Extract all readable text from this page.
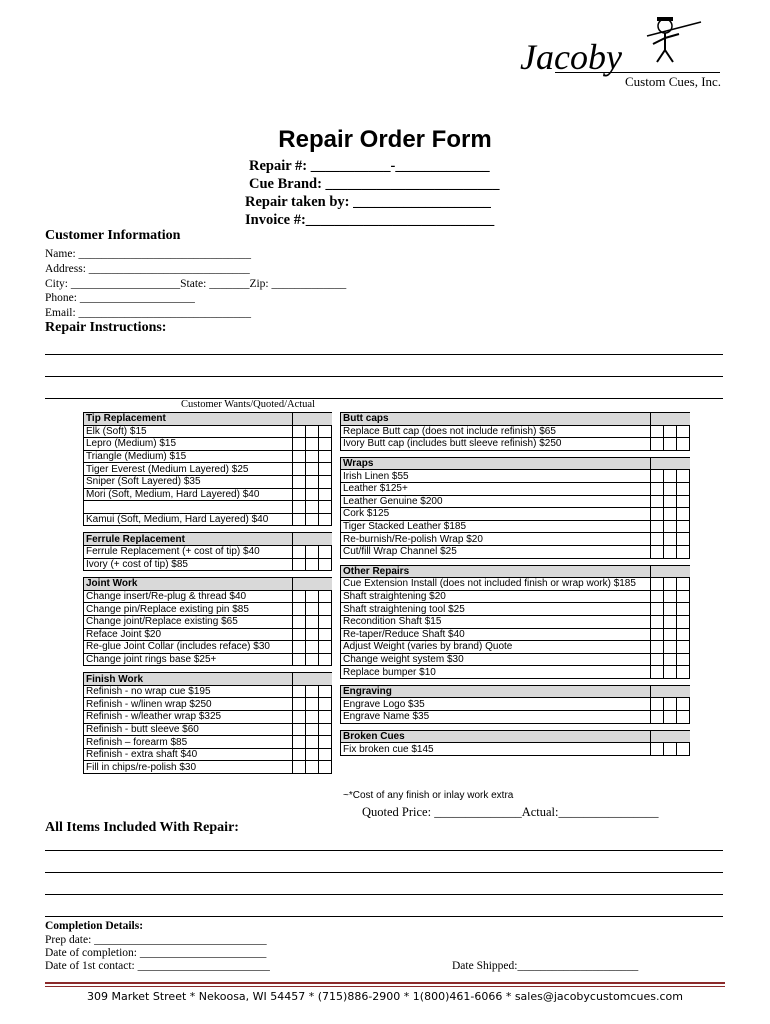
Jacoby
Custom Cues, Inc.
Repair Order Form
Repair #: ___________-_____________
Cue Brand: ________________________
Repair taken by: ___________________
Invoice #:__________________________
Customer Information
Name: ______________________________
Address: ____________________________
City: ___________________State: _______Zip: _____________
Phone: ____________________
Email: ______________________________
Repair Instructions:
Customer Wants/Quoted/Actual
Tip Replacement			
Elk (Soft) $15			
Lepro (Medium) $15			
Triangle (Medium) $15			
Tiger Everest (Medium Layered) $25			
Sniper (Soft Layered) $35			
Mori (Soft, Medium, Hard Layered) $40			

Kamui (Soft, Medium, Hard Layered) $40			

Ferrule Replacement			
Ferrule Replacement (+ cost of tip) $40			
Ivory (+ cost of tip) $85			

Joint Work			
Change insert/Re-plug & thread $40			
Change pin/Replace existing pin $85			
Change joint/Replace existing $65			
Reface Joint $20			
Re-glue Joint Collar (includes reface) $30			
Change joint rings base $25+			

Finish Work			
Refinish - no wrap cue $195			
Refinish - w/linen wrap $250			
Refinish - w/leather wrap $325			
Refinish - butt sleeve $60			
Refinish – forearm $85			
Refinish - extra shaft $40			
Fill in chips/re-polish $30			
Butt caps			
Replace Butt cap (does not include refinish) $65			
Ivory Butt cap (includes butt sleeve refinish) $250			

Wraps			
Irish Linen $55			
Leather $125+			
Leather Genuine $200			
Cork $125			
Tiger Stacked Leather $185			
Re-burnish/Re-polish Wrap $20			
Cut/fill Wrap Channel $25			

Other Repairs			
Cue Extension Install (does not included finish or wrap work) $185			
Shaft straightening $20			
Shaft straightening tool $25			
Recondition Shaft $15			
Re-taper/Reduce Shaft $40			
Adjust Weight (varies by brand) Quote			
Change weight system $30			
Replace bumper $10			

Engraving			
Engrave Logo $35			
Engrave Name $35			

Broken Cues			
Fix broken cue $145			
~*Cost of any finish or inlay work extra
Quoted Price: ______________Actual:________________
All Items Included With Repair:
Completion Details:
Prep date: ______________________________
Date of completion: ______________________
Date of 1st contact: _______________________	Date Shipped:_____________________
309 Market Street * Nekoosa, WI 54457 * (715)886-2900 * 1(800)461-6066 * sales@jacobycustomcues.com
